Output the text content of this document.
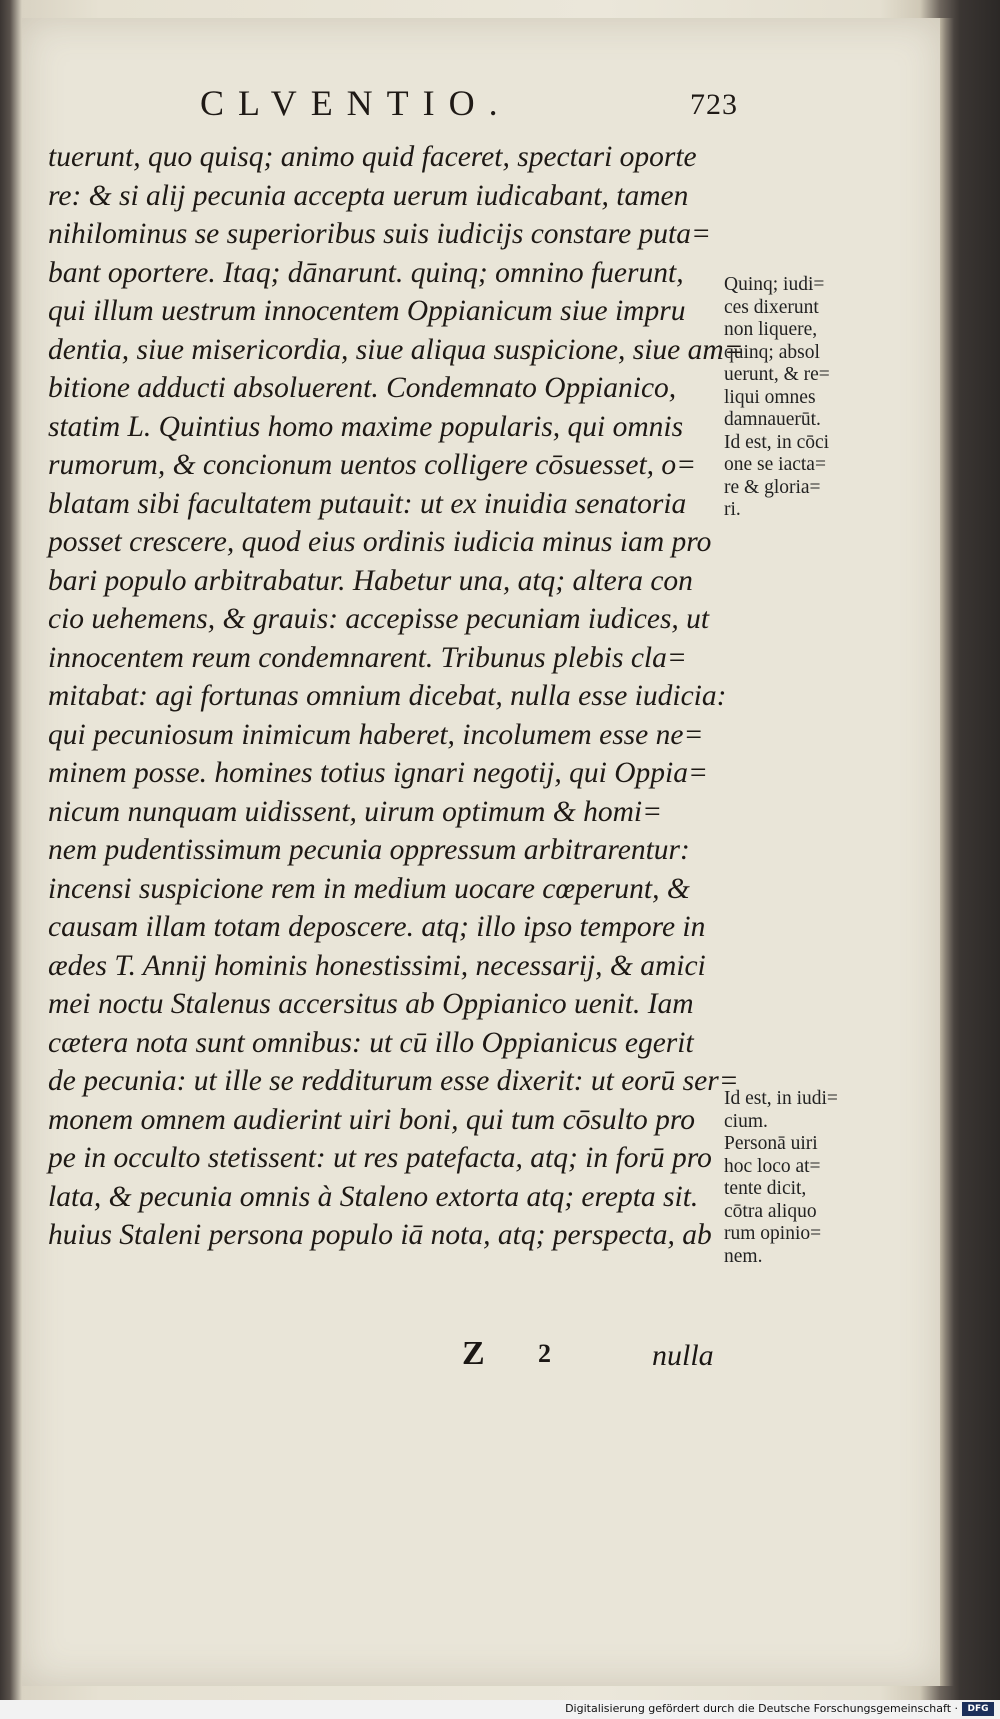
CLVENTIO.	723
tuerunt, quo quisq; animo quid faceret, spectari oporte
re: & si alij pecunia accepta uerum iudicabant, tamen
nihilominus se superioribus suis iudicijs constare puta=
bant oportere. Itaq; dānarunt. quinq; omnino fuerunt,
qui illum uestrum innocentem Oppianicum siue impru
dentia, siue misericordia, siue aliqua suspicione, siue am=
bitione adducti absoluerent. Condemnato Oppianico,
statim L. Quintius homo maxime popularis, qui omnis
rumorum, & concionum uentos colligere cōsuesset, o=
blatam sibi facultatem putauit: ut ex inuidia senatoria
posset crescere, quod eius ordinis iudicia minus iam pro
bari populo arbitrabatur. Habetur una, atq; altera con
cio uehemens, & grauis: accepisse pecuniam iudices, ut
innocentem reum condemnarent. Tribunus plebis cla=
mitabat: agi fortunas omnium dicebat, nulla esse iudicia:
qui pecuniosum inimicum haberet, incolumem esse ne=
minem posse. homines totius ignari negotij, qui Oppia=
nicum nunquam uidissent, uirum optimum & homi=
nem pudentissimum pecunia oppressum arbitrarentur:
incensi suspicione rem in medium uocare cœperunt, &
causam illam totam deposcere. atq; illo ipso tempore in
ædes T. Annij hominis honestissimi, necessarij, & amici
mei noctu Stalenus accersitus ab Oppianico uenit. Iam
cætera nota sunt omnibus: ut cū illo Oppianicus egerit
de pecunia: ut ille se redditurum esse dixerit: ut eorū ser=
monem omnem audierint uiri boni, qui tum cōsulto pro
pe in occulto stetissent: ut res patefacta, atq; in forū pro
lata, & pecunia omnis à Staleno extorta atq; erepta sit.
huius Staleni persona populo iā nota, atq; perspecta, ab
Quinq; iudi=
ces dixerunt
non liquere,
quinq; absol
uerunt, & re=
liqui omnes
damnauerūt.
Id est, in cōci
one se iacta=
re & gloria=
ri.
Id est, in iudi=
cium.
Personā uiri
hoc loco at=
tente dicit,
cōtra aliquo
rum opinio=
nem.
Z 2	nulla
Digitalisierung gefördert durch die Deutsche Forschungsgemeinschaft ·	DFG
